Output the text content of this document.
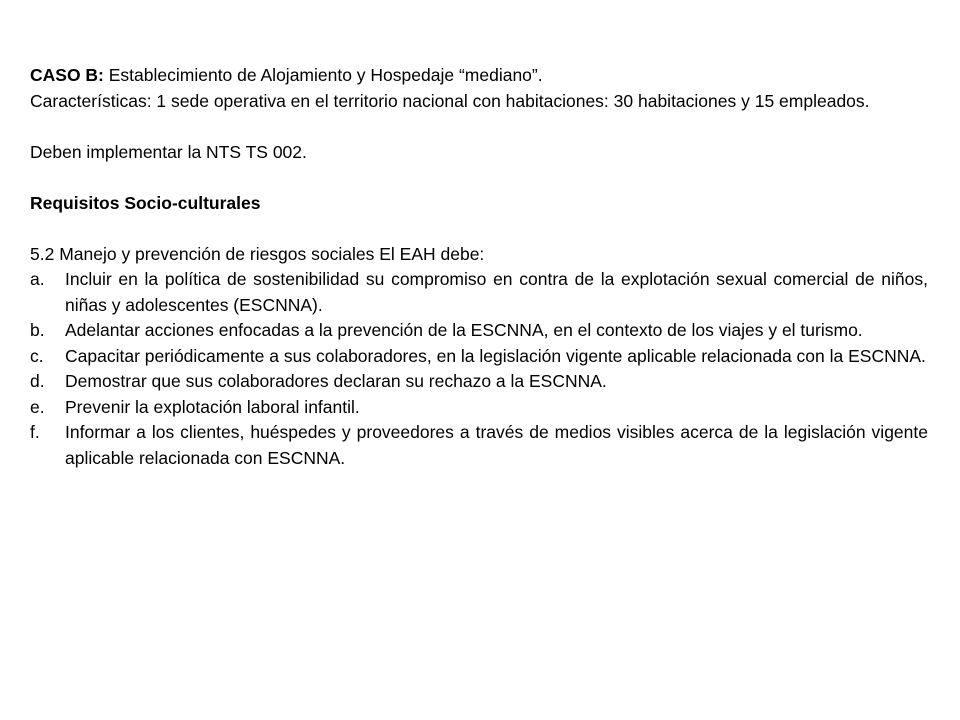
CASO B: Establecimiento de Alojamiento y Hospedaje “mediano”.

Características: 1 sede operativa en el territorio nacional con habitaciones: 30 habitaciones y 15 empleados.

Deben implementar la NTS TS 002.

Requisitos Socio-culturales

5.2 Manejo y prevención de riesgos sociales El EAH debe:

a. Incluir en la política de sostenibilidad su compromiso en contra de la explotación sexual comercial de niños, niñas y adolescentes (ESCNNA).
b. Adelantar acciones enfocadas a la prevención de la ESCNNA, en el contexto de los viajes y el turismo.
c. Capacitar periódicamente a sus colaboradores, en la legislación vigente aplicable relacionada con la ESCNNA.
d. Demostrar que sus colaboradores declaran su rechazo a la ESCNNA.
e. Prevenir la explotación laboral infantil.
f. Informar a los clientes, huéspedes y proveedores a través de medios visibles acerca de la legislación vigente aplicable relacionada con ESCNNA.
